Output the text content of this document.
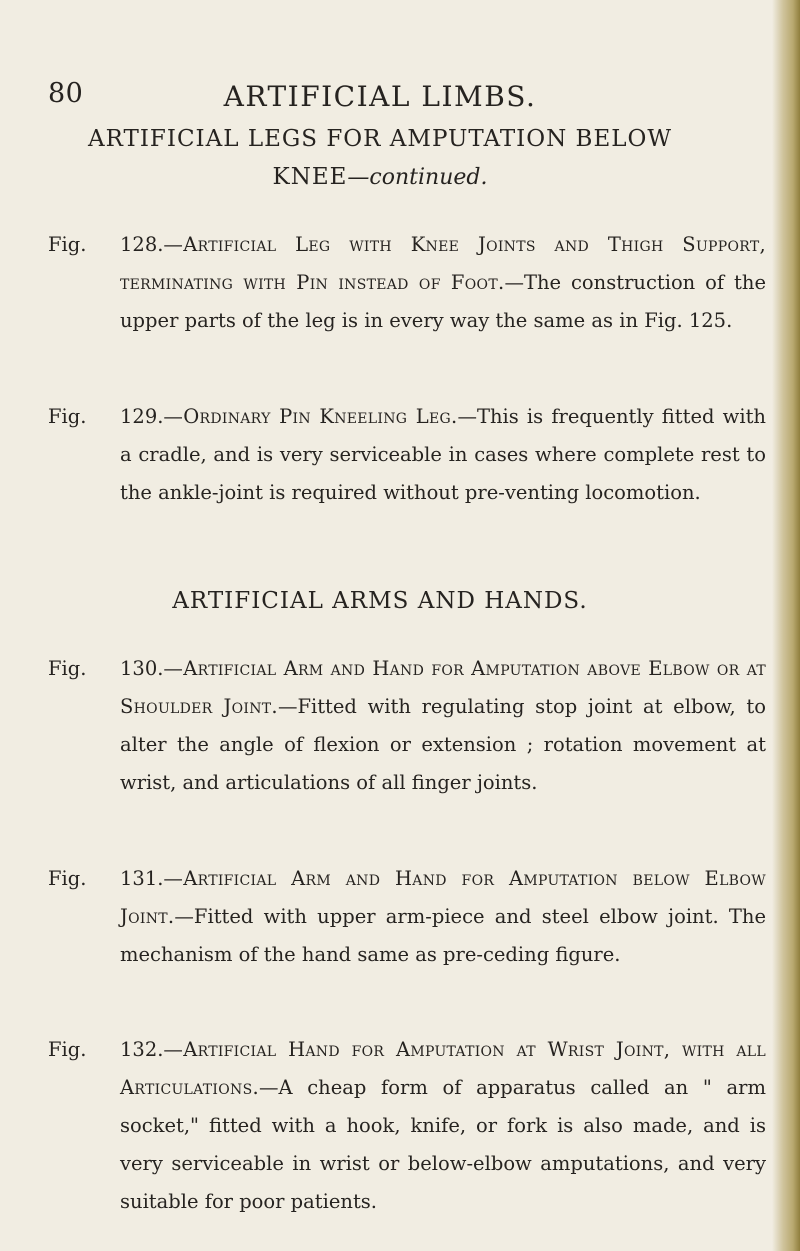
80	ARTIFICIAL LIMBS.
ARTIFICIAL LEGS FOR AMPUTATION BELOW
KNEE—continued.
Fig. 128.—Artificial Leg with Knee Joints and Thigh Support, terminating with Pin instead of Foot.—The construction of the upper parts of the leg is in every way the same as in Fig. 125.
Fig. 129.—Ordinary Pin Kneeling Leg.—This is frequently fitted with a cradle, and is very serviceable in cases where complete rest to the ankle-joint is required without pre-venting locomotion.
ARTIFICIAL ARMS AND HANDS.
Fig. 130.—Artificial Arm and Hand for Amputation above Elbow or at Shoulder Joint.—Fitted with regulating stop joint at elbow, to alter the angle of flexion or extension ; rotation movement at wrist, and articulations of all finger joints.
Fig. 131.—Artificial Arm and Hand for Amputation below Elbow Joint.—Fitted with upper arm-piece and steel elbow joint. The mechanism of the hand same as pre-ceding figure.
Fig. 132.—Artificial Hand for Amputation at Wrist Joint, with all Articulations.—A cheap form of apparatus called an " arm socket," fitted with a hook, knife, or fork is also made, and is very serviceable in wrist or below-elbow amputations, and very suitable for poor patients.
